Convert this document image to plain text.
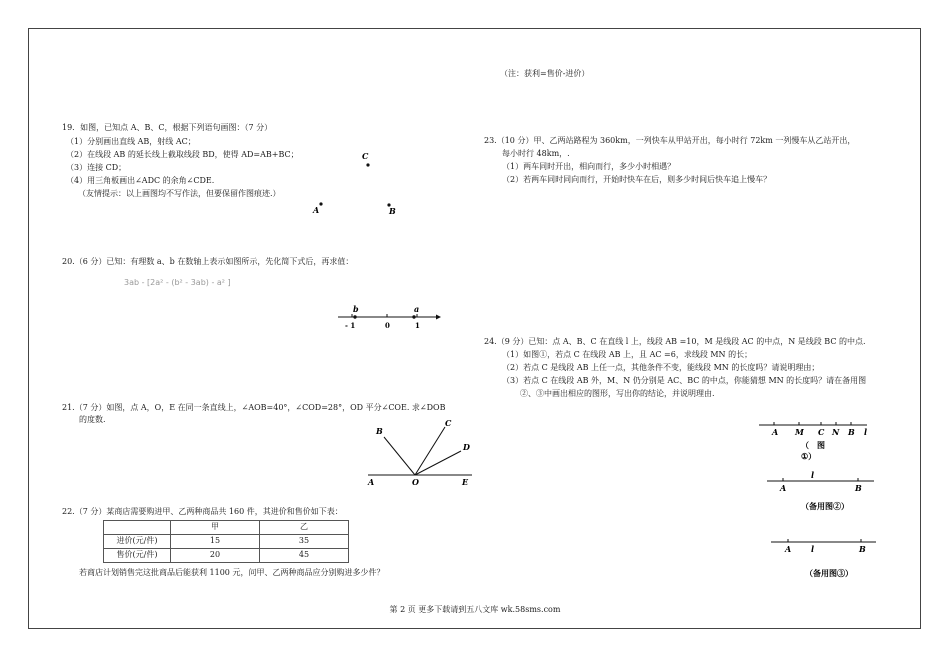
（注：获利=售价-进价）
19．如图，已知点 A、B、C，根据下列语句画图：（7 分）
（1）分别画出直线 AB，射线 AC；
（2）在线段 AB 的延长线上截取线段 BD，使得 AD=AB+BC；
（3）连接 CD；
（4）用三角板画出∠ADC 的余角∠CDE.
（友情提示：以上画图均不写作法，但要保留作图痕迹.）
C
A	B
20.（6 分）已知：有理数 a、b 在数轴上表示如图所示，先化简下式后，再求值：
3ab - [2a² - (b² - 3ab) - a² ]
b	a
- 1	0	1
21.（7 分）如图，点 A，O，E 在同一条直线上，∠AOB=40°，∠COD=28°，OD 平分∠COE. 求∠DOB
的度数.
B
C
D
A	O	E
22.（7 分）某商店需要购进甲、乙两种商品共 160 件，其进价和售价如下表：
	甲	乙
进价(元/件)	15	35
售价(元/件)	20	45
若商店计划销售完这批商品后能获利 1100 元，问甲、乙两种商品应分别购进多少件？
23.（10 分）甲、乙两站路程为 360km，一列快车从甲站开出，每小时行 72km 一列慢车从乙站开出，
每小时行 48km，.
（1）两车同时开出，相向而行，多少小时相遇？
（2）若两车同时同向而行，开始时快车在后，则多少时间后快车追上慢车？
24.（9 分）已知：点 A、B、C 在直线 l 上，线段 AB =10，M 是线段 AC 的中点，N 是线段 BC 的中点.
（1）如图①，若点 C 在线段 AB 上，且 AC =6，求线段 MN 的长；
（2）若点 C 是线段 AB 上任一点，其他条件不变，能线段 MN 的长度吗？请说明理由；
（3）若点 C 在线段 AB 外，M、N 仍分别是 AC、BC 的中点，你能猜想 MN 的长度吗？请在备用图
②、③中画出相应的图形，写出你的结论，并说明理由.
A M C N B l
（　图
①）
l
A	B
（备用图②）
A l	B
（备用图③）
第 2 页 更多下载请到五八文库 wk.58sms.com
